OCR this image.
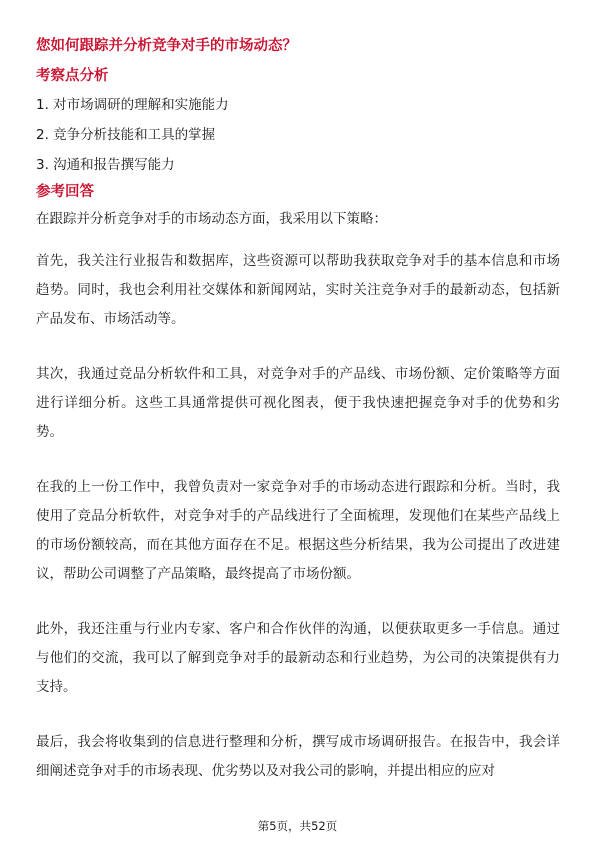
您如何跟踪并分析竞争对手的市场动态？
考察点分析
1. 对市场调研的理解和实施能力
2. 竞争分析技能和工具的掌握
3. 沟通和报告撰写能力
参考回答

在跟踪并分析竞争对手的市场动态方面，我采用以下策略：

首先，我关注行业报告和数据库，这些资源可以帮助我获取竞争对手的基本信息和市场趋势。同时，我也会利用社交媒体和新闻网站，实时关注竞争对手的最新动态，包括新产品发布、市场活动等。

其次，我通过竞品分析软件和工具，对竞争对手的产品线、市场份额、定价策略等方面进行详细分析。这些工具通常提供可视化图表，便于我快速把握竞争对手的优势和劣势。

在我的上一份工作中，我曾负责对一家竞争对手的市场动态进行跟踪和分析。当时，我使用了竞品分析软件，对竞争对手的产品线进行了全面梳理，发现他们在某些产品线上的市场份额较高，而在其他方面存在不足。根据这些分析结果，我为公司提出了改进建议，帮助公司调整了产品策略，最终提高了市场份额。

此外，我还注重与行业内专家、客户和合作伙伴的沟通，以便获取更多一手信息。通过与他们的交流，我可以了解到竞争对手的最新动态和行业趋势，为公司的决策提供有力支持。

最后，我会将收集到的信息进行整理和分析，撰写成市场调研报告。在报告中，我会详细阐述竞争对手的市场表现、优劣势以及对我公司的影响，并提出相应的应对

第5页，共52页
